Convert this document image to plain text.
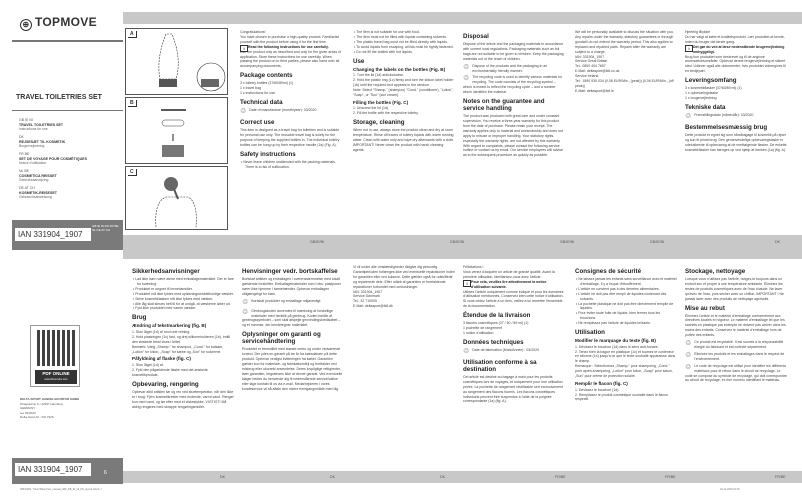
⊕ TOPMOVE
TRAVEL TOILETRIES SET
GB IE NI
TRAVEL TOILETRIES SET
Instructions for use
DK
REJSESÆT TIL KOSMETIK
Brugervejledning
FR BE
SET DE VOYAGE POUR COSMÉTIQUES
Notice d'utilisation
NL BE
COSMETICA REISSET
Gebruiksaanwijzing
DE AT CH
KOSMETIK-REISESET
Gebrauchsanweisung
IAN 331904_1907
GB IE NI DK FR BE NL DE AT CH
A
B
C
PDF ONLINE
www.lidl-service.com
DELTA-SPORT HANDELSKONTOR GMBH
Wragekamp 6 • 22397 Hamburg
GERMANY
⏘ 03/2020
Delta-Sport-Nr.: KR-7326
IAN 331904_1907	6

Congratulations!

You have chosen to purchase a high-quality product. Familiarise yourself with the product before using it for the first time.

i Read the following instructions for use carefully.

Use the product only as described and only for the given areas of application. Store these instructions for use carefully. When passing the product on to third parties, please also hand over all accompanying documents.

Package contents

3 x toiletry bottles (37/60/89ml) (1)

1 x travel bag

1 x instructions for use

Technical data
♲ Date of manufacture (month/year): 03/2020
Correct use

This item is designed as a travel bag for toiletries and is suitable for personal use only. The reusable travel bag is solely for the purpose of keeping the supplied bottles in. The individual toiletry bottles can be hung up by their respective handle (1a) (Fig. A).

Safety instructions
• Never leave children unattended with the packing materials. There is a risk of suffocation.
• The item is not suitable for use with food.
• The item must not be filled with liquids containing solvents.
• The plastic travel bag must not be filled directly with liquids.
• To avoid liquids from escaping, all lids must be tightly fastened.
• Do not fill the bottles with hot liquids.
Use
Changing the labels on the bottles (Fig. B)

1. Turn the lid (1d) anticlockwise.

2. Hold the plastic ring (1c) firmly and turn the silicon label holder (1b) until the required text appears in the window.

Note: Select "Shamp." (shampoo) "Cond." (conditioner), "Lotion", "Soap", or "Sun" (sun cream).

Filling the bottles (Fig. C)

1. Unscrew the lid (1d).

2. Fill the bottle with the respective toiletry.

Storage, cleaning

When not in use, always store the product clean and dry at room temperature. Rinse off traces of toiletry liquids with warm running water. Clean with water only and wipe dry afterwards with a cloth. IMPORTANT! Never clean the product with harsh cleaning agents.

Disposal

Dispose of the article and the packaging materials in accordance with current local regulations. Packaging materials such as foil bags are not suitable to be given to children. Keep the packaging materials out of the reach of children.

♲ Dispose of the products and the packaging in an environmentally friendly manner.
♲ The recycling code is used to identify various materials for recycling. The code consists of the recycling symbol – which is meant to reflect the recycling cycle – and a number which identifies the material.
Notes on the guarantee and service handling

The product was produced with great care and under constant supervision. You receive a three-year warranty for this product from the date of purchase. Please retain your receipt. The warranty applies only to material and workmanship and does not apply to misuse or improper handling. Your statutory rights, especially the warranty rights, are not affected by this warranty. With regard to complaints, please contact the following service hotline or contact us by email. Our service employees will advise as to the subsequent procedure as quickly as possible.

We will be personally available to discuss the situation with you. Any repairs under the warranty, statutory guarantees or through goodwill do not extend the warranty period. This also applies to replaced and repaired parts. Repairs after the warranty are subject to a charge.

IAN: 331904_1907

Service Great Britain

Tel.: 0800 404 7657

E-Mail: deltasport@lidl.co.uk

Service Ireland

Tel.: 1890 930 034 (0,08 EUR/Min., (peak)) (0,06 EUR/Min., (off peak))

E-Mail: deltasport@lidl.ie

Hjertelig tillykke!

Du har valgt at købe et kvalitetsprodukt. Lær produktet at kende, inden du bruger det første gang.

i Det gør du ved at læse nedenstående brugervejledning omhyggeligt.

Brug kun produktet som beskrevet og til de angivne anvendelsesområder. Opbevar denne brugervejledning et sikkert sted. Udlever også alle dokumenter, hvis produktet videregives til en tredjepart.

Leveringsomfang

3 x kosmetikflasker (37/60/89 ml) (1)

1 x opbevaringstaske

1 x brugervejledning

Tekniske data
♲ Fremstillingsdato (måned/år): 03/2020
Bestemmelsesmæssig brug

Dette produkt er egnet sig som håndbagage til kosmetik på rejser og kun til privat brug. Den genanvendelige opbevaringstaske er udelukkende til opbevaring af de medfølgende flasker. De enkelte kosmetikflasker kan hænges op ved hjælp af hanken (1a) (fig. A).

Sikkerhedsanvisninger
• Lad ikke børn være alene med emballagematerialet. Der er fare for kvælning.
• Produktet er uegnet til levnedsmidler.
• Produktet må ikke fyldes med opløsningsmiddelholdige væsker.
• Selve kosmetiktasken må ikke fyldes med væsker.
• Alle låg skal skrues helt til for at undgå, at væskerne løber ud.
• Fyld ikke produktet med varme væsker.
Brug
Ændring af tekstmarkering (fig. B)

1. Skru låget (1d) af mod uret retning.

2. Hold plastringen (1c) fast, og drej silikoneholderen (1b), indtil den ønskede tekst vises i feltet.

Bemærk: Vælg „Shamp." for shampoo, „Cond." for balsam, „Lotion" for lotion, „Soap" for sæbe og „Sun" for solcreme.

Påfyldning af flaske (fig. C)

1. Skru låget (1d) af.

2. Fyld den pågældende flaske med det ønskede kosmetikprodukt.

Opbevaring, rengøring

Opbevar altid artiklen tør og ren ved stuetemperatur, når den ikke er i brug. Fjern kosmetikrester med rindende, varmt vand. Rengør kun med vand, og tør efter med et viskestykke. VIGTIGT! Må aldrig rengøres med skrappe rengøringsmidler.

Henvisninger vedr. bortskaffelse

Bortskaf artiklen og emballagen i overensstemmelse med lokalt gældende forskrifter. Emballagematerialer som f.eks. plastposer hører ikke hjemme i børnehænder. Opbevar emballagen utilgængeligt for børn.

♲ Bortskaf produkter og emballage miljøvenligt.
♲ Genbrugskoden anvendes til mærkning af forskellige materialer med henblik på genbrug. Koden består af genbrugssymbolet – som skal afspejle genvindingskredsløbet – og et nummer, der kendetegner materialet.
Oplysninger om garanti og servicehåndtering

Produktet er fremstillet med største omhu og under vedvarende kontrol. Der ydes en garanti på tre år fra købsdatoen på dette produkt. Opbevar venligst kvitteringen fra købet. Garantien gælder kun for materiale- og fabrikationsfejl og bortfalder ved misbrug eller ukorrekt anvendelse. Deres lovpligtige rettigheder, især garantien, begrænses ikke af denne garanti. Ved eventuelle klager bedes du henvende dig til nedenstående servicehotline eller tage kontakt til os via e-mail. Medarbejderen i vores kundeservice vil så aftale den videre fremgangsmåde med dig.

Vi vil under alle omstændigheder rådgive dig personlig. Garantiperioden forlænges ikke ved eventuelle reparationer inden for garantien eller ved kulance. Dette gælder også for udskiftede og reparerede dele. Efter udløb af garantien er forefaldende reparationer forbundet med omkostninger.

IAN: 331904_1907

Service Danmark

Tel.: 32 710005

E-Mail: deltasport@lidl.dk

Félicitations !

Vous venez d'acquérir un article de grande qualité. Avant la première utilisation, familiarisez-vous avec l'article.

i Pour cela, veuillez lire attentivement la notice d'utilisation suivante.

Utilisez l'article uniquement comme indiqué et pour les domaines d'utilisation mentionnés. Conservez bien cette notice d'utilisation. Si vous cédez l'article à un tiers, veillez à lui remettre l'ensemble de la documentation.

Étendue de la livraison

3 flacons cosmétiques (37 / 60 / 89 ml) (1)

1 pochette de rangement

1 notice d'utilisation

Données techniques
♲ Date de fabrication (Mois/Année) : 03/2020
Utilisation conforme à sa destination

Cet article est destiné au bagage à main pour les produits cosmétiques lors de voyages, et uniquement pour une utilisation privée. La pochette de rangement réutilisable sert exclusivement au rangement des flacons fournis. Les flacons cosmétiques individuels peuvent être suspendus à l'aide de la poignée correspondante (1a) (fig. A).

Consignes de sécurité
• Ne laissez jamais les enfants sans surveillance avec le matériel d'emballage. Il y a risque d'étouffement.
• L'article ne convient pas à des denrées alimentaires.
• L'article ne doit pas être rempli de liquides contenant des solvants.
• La pochette plastique ne doit pas être directement remplie de liquides.
• Pour éviter toute fuite de liquide, bien fermer tous les bouchons.
• Ne remplissez pas l'article de liquides brûlants.
Utilisation
Modifier le marquage du texte (fig. B)

1. Dévissez le bouchon (1d) dans le sens anti-horaire.

2. Tenez bien la bague en plastique (1c) et tournez le conteneur en silicone (1b) jusqu'à ce que le texte souhaité apparaisse dans le champ.

Remarque : Sélectionnez „Shamp." pour shampoing, „Cond." pour après-shampoing, „Lotion" pour lotion, „Soap" pour savon, „Sun" pour crème de protection solaire.

Remplir le flacon (fig. C)

1. Dévissez le bouchon (1d).

2. Remplissez le produit cosmétique souhaité dans le flacon respectif.

Stockage, nettoyage

Lorsque vous n'utilisez pas l'article, rangez-le toujours dans un endroit sec et propre à une température ambiante. Éliminez les restes de produits cosmétiques avec de l'eau chaude. Ne laver qu'avec de l'eau, puis sécher avec un chiffon. IMPORTANT ! Ne jamais laver avec des produits de nettoyage agressifs.

Mise au rebut

Éliminez l'article et le matériel d'emballage conformément aux directives locales en vigueur. Le matériel d'emballage tel que les sachets en plastique par exemple ne doivent pas arriver dans les mains des enfants. Conservez le matériel d'emballage hors de portée des enfants.

♲ Ce produit est recyclable. Il est soumis à la responsabilité élargie du fabricant et est collecté séparément.
♲ Éliminez les produits et les emballages dans le respect de l'environnement.
♲ Le code de recyclage est utilisé pour identifier les différents matériaux pour le retour dans le circuit de recyclage. Le code se compose du symbole de recyclage, qui doit correspondre au circuit de recyclage, et d'un numéro identifiant le matériau.
GB/IE/NI	GB/IE/NI	GB/IE/NI	GB/IE/NI	DK
DK	DK	DK	FR/BE	FR/BE	FR/BE
IM331904_TravelToiletrySet_manual_LB6_GB_IE_NI_DK_layout.indd 1-7	20.12.2019 10:38
